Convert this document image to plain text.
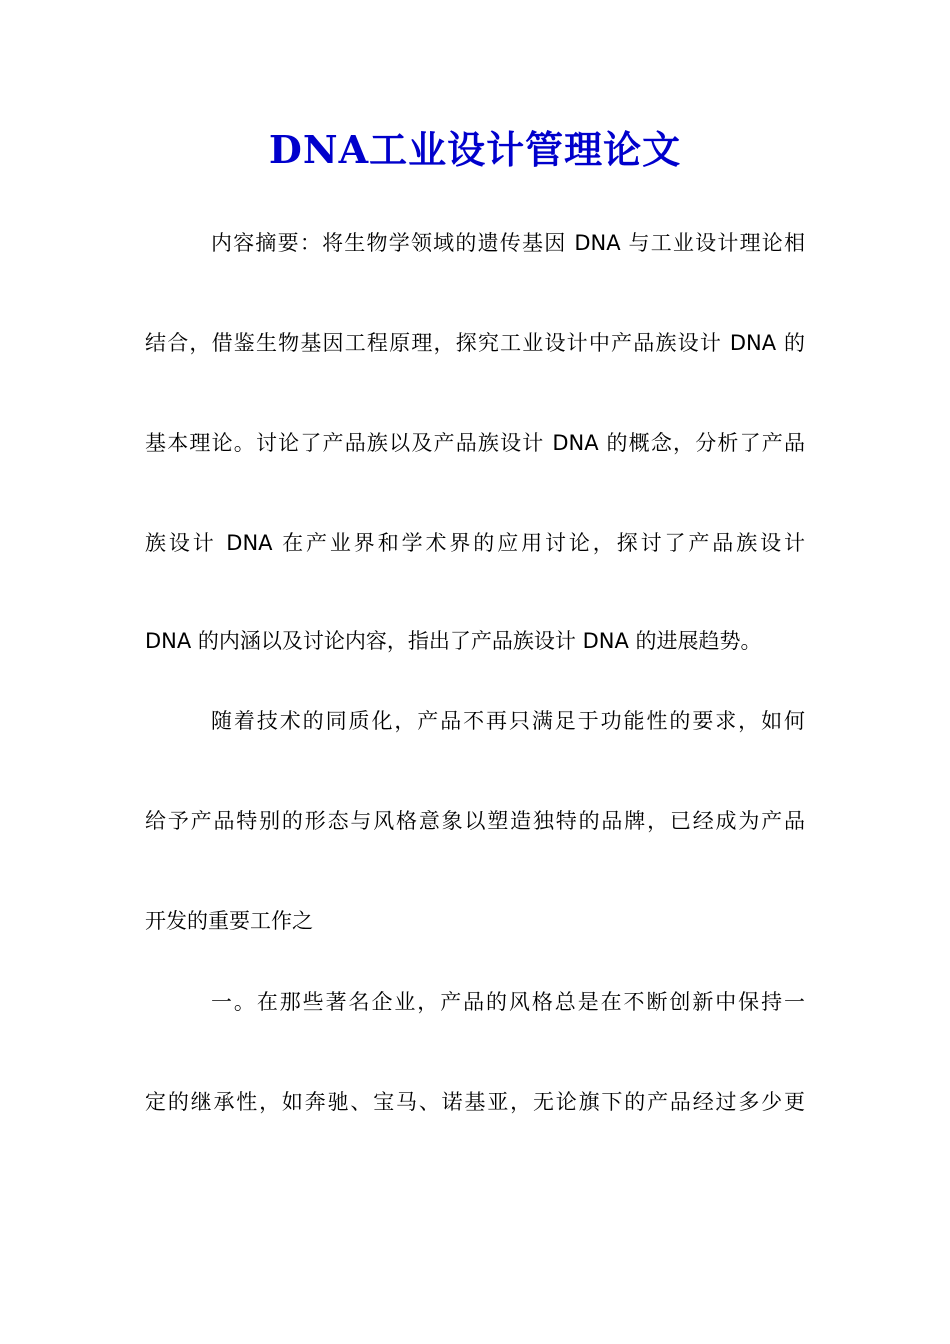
DNA工业设计管理论文
内容摘要：将生物学领域的遗传基因 DNA 与工业设计理论相
结合，借鉴生物基因工程原理，探究工业设计中产品族设计 DNA 的
基本理论。讨论了产品族以及产品族设计 DNA 的概念，分析了产品
族设计 DNA 在产业界和学术界的应用讨论，探讨了产品族设计
DNA 的内涵以及讨论内容，指出了产品族设计 DNA 的进展趋势。
随着技术的同质化，产品不再只满足于功能性的要求，如何
给予产品特别的形态与风格意象以塑造独特的品牌，已经成为产品
开发的重要工作之
一。在那些著名企业，产品的风格总是在不断创新中保持一
定的继承性，如奔驰、宝马、诺基亚，无论旗下的产品经过多少更
